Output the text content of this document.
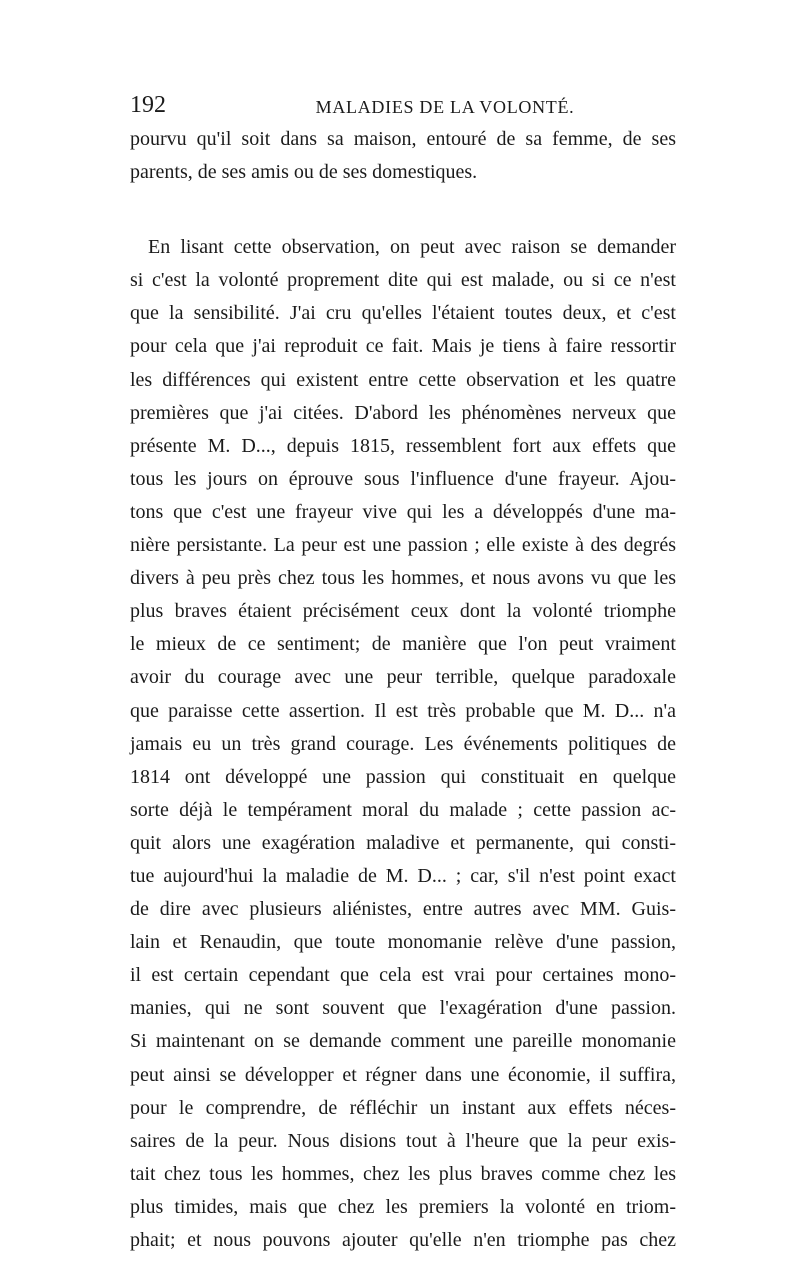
192	MALADIES DE LA VOLONTÉ.
pourvu qu'il soit dans sa maison, entouré de sa femme, de ses
parents, de ses amis ou de ses domestiques.
En lisant cette observation, on peut avec raison se demander
si c'est la volonté proprement dite qui est malade, ou si ce n'est
que la sensibilité. J'ai cru qu'elles l'étaient toutes deux, et c'est
pour cela que j'ai reproduit ce fait. Mais je tiens à faire ressortir
les différences qui existent entre cette observation et les quatre
premières que j'ai citées. D'abord les phénomènes nerveux que
présente M. D..., depuis 1815, ressemblent fort aux effets que
tous les jours on éprouve sous l'influence d'une frayeur. Ajou-
tons que c'est une frayeur vive qui les a développés d'une ma-
nière persistante. La peur est une passion ; elle existe à des degrés
divers à peu près chez tous les hommes, et nous avons vu que les
plus braves étaient précisément ceux dont la volonté triomphe
le mieux de ce sentiment; de manière que l'on peut vraiment
avoir du courage avec une peur terrible, quelque paradoxale
que paraisse cette assertion. Il est très probable que M. D... n'a
jamais eu un très grand courage. Les événements politiques de
1814 ont développé une passion qui constituait en quelque
sorte déjà le tempérament moral du malade ; cette passion ac-
quit alors une exagération maladive et permanente, qui consti-
tue aujourd'hui la maladie de M. D... ; car, s'il n'est point exact
de dire avec plusieurs aliénistes, entre autres avec MM. Guis-
lain et Renaudin, que toute monomanie relève d'une passion,
il est certain cependant que cela est vrai pour certaines mono-
manies, qui ne sont souvent que l'exagération d'une passion.
Si maintenant on se demande comment une pareille monomanie
peut ainsi se développer et régner dans une économie, il suffira,
pour le comprendre, de réfléchir un instant aux effets néces-
saires de la peur. Nous disions tout à l'heure que la peur exis-
tait chez tous les hommes, chez les plus braves comme chez les
plus timides, mais que chez les premiers la volonté en triom-
phait; et nous pouvons ajouter qu'elle n'en triomphe pas chez
